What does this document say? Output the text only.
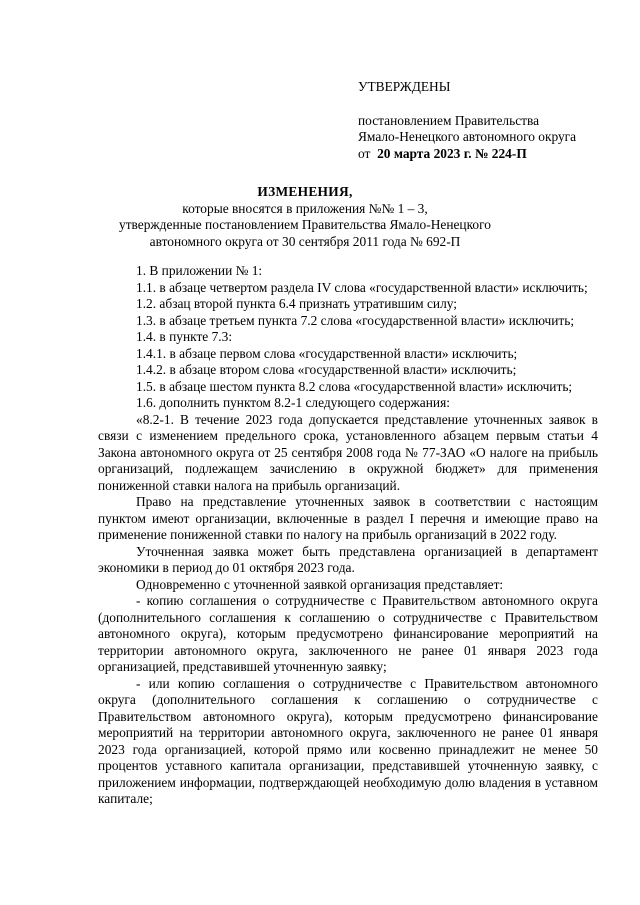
УТВЕРЖДЕНЫ
постановлением Правительства
Ямало-Ненецкого автономного округа
от 20 марта 2023 г. № 224-П
ИЗМЕНЕНИЯ,
которые вносятся в приложения №№ 1 – 3,
утвержденные постановлением Правительства Ямало-Ненецкого
автономного округа от 30 сентября 2011 года № 692-П

1. В приложении № 1:

1.1. в абзаце четвертом раздела IV слова «государственной власти» исключить;

1.2. абзац второй пункта 6.4 признать утратившим силу;

1.3. в абзаце третьем пункта 7.2 слова «государственной власти» исключить;

1.4. в пункте 7.3:

1.4.1. в абзаце первом слова «государственной власти» исключить;

1.4.2. в абзаце втором слова «государственной власти» исключить;

1.5. в абзаце шестом пункта 8.2 слова «государственной власти» исключить;

1.6. дополнить пунктом 8.2-1 следующего содержания:

«8.2-1. В течение 2023 года допускается представление уточненных заявок в связи с изменением предельного срока, установленного абзацем первым статьи 4 Закона автономного округа от 25 сентября 2008 года № 77-ЗАО «О налоге на прибыль организаций, подлежащем зачислению в окружной бюджет» для применения пониженной ставки налога на прибыль организаций.

Право на представление уточненных заявок в соответствии с настоящим пунктом имеют организации, включенные в раздел I перечня и имеющие право на применение пониженной ставки по налогу на прибыль организаций в 2022 году.

Уточненная заявка может быть представлена организацией в департамент экономики в период до 01 октября 2023 года.

Одновременно с уточненной заявкой организация представляет:

- копию соглашения о сотрудничестве с Правительством автономного округа (дополнительного соглашения к соглашению о сотрудничестве с Правительством автономного округа), которым предусмотрено финансирование мероприятий на территории автономного округа, заключенного не ранее 01 января 2023 года организацией, представившей уточненную заявку;

- или копию соглашения о сотрудничестве с Правительством автономного округа (дополнительного соглашения к соглашению о сотрудничестве с Правительством автономного округа), которым предусмотрено финансирование мероприятий на территории автономного округа, заключенного не ранее 01 января 2023 года организацией, которой прямо или косвенно принадлежит не менее 50 процентов уставного капитала организации, представившей уточненную заявку, с приложением информации, подтверждающей необходимую долю владения в уставном капитале;
